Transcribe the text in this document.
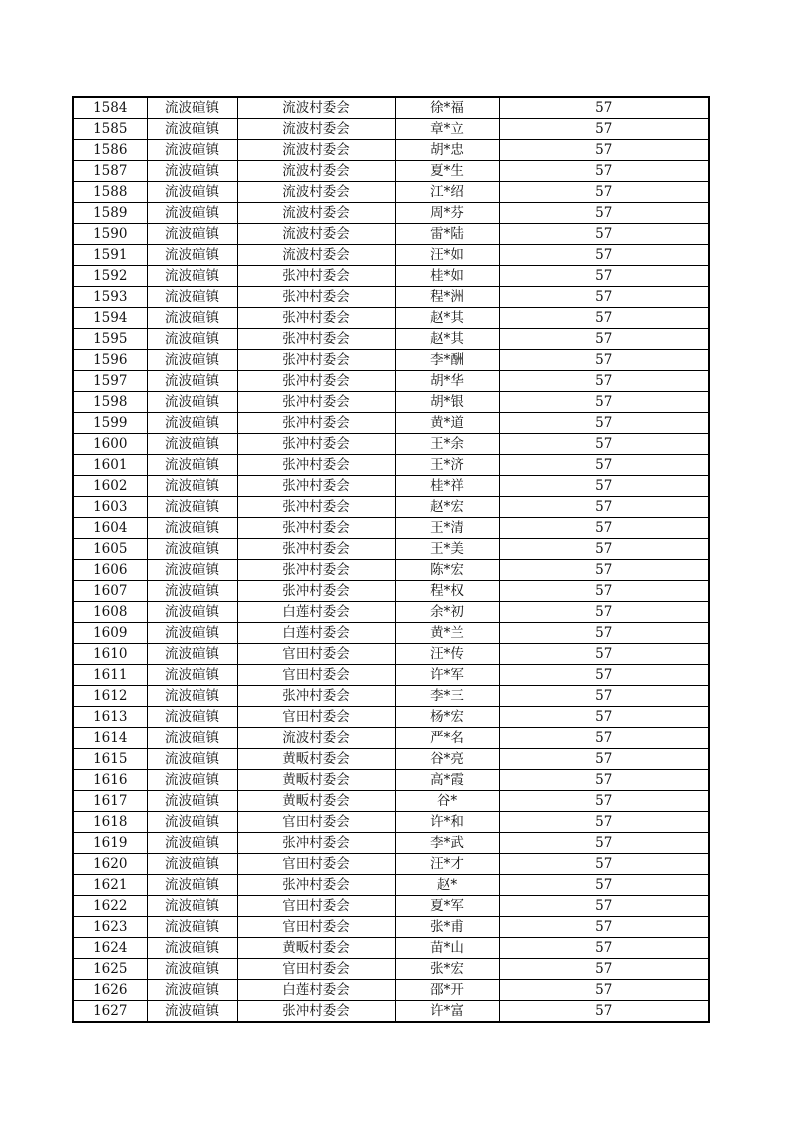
1584	流波碹镇	流波村委会	徐*福	57
1585	流波碹镇	流波村委会	章*立	57
1586	流波碹镇	流波村委会	胡*忠	57
1587	流波碹镇	流波村委会	夏*生	57
1588	流波碹镇	流波村委会	江*绍	57
1589	流波碹镇	流波村委会	周*芬	57
1590	流波碹镇	流波村委会	雷*陆	57
1591	流波碹镇	流波村委会	汪*如	57
1592	流波碹镇	张冲村委会	桂*如	57
1593	流波碹镇	张冲村委会	程*洲	57
1594	流波碹镇	张冲村委会	赵*其	57
1595	流波碹镇	张冲村委会	赵*其	57
1596	流波碹镇	张冲村委会	李*酬	57
1597	流波碹镇	张冲村委会	胡*华	57
1598	流波碹镇	张冲村委会	胡*银	57
1599	流波碹镇	张冲村委会	黄*道	57
1600	流波碹镇	张冲村委会	王*余	57
1601	流波碹镇	张冲村委会	王*济	57
1602	流波碹镇	张冲村委会	桂*祥	57
1603	流波碹镇	张冲村委会	赵*宏	57
1604	流波碹镇	张冲村委会	王*清	57
1605	流波碹镇	张冲村委会	王*美	57
1606	流波碹镇	张冲村委会	陈*宏	57
1607	流波碹镇	张冲村委会	程*权	57
1608	流波碹镇	白莲村委会	余*初	57
1609	流波碹镇	白莲村委会	黄*兰	57
1610	流波碹镇	官田村委会	汪*传	57
1611	流波碹镇	官田村委会	许*军	57
1612	流波碹镇	张冲村委会	李*三	57
1613	流波碹镇	官田村委会	杨*宏	57
1614	流波碹镇	流波村委会	严*名	57
1615	流波碹镇	黄畈村委会	谷*亮	57
1616	流波碹镇	黄畈村委会	高*霞	57
1617	流波碹镇	黄畈村委会	谷*	57
1618	流波碹镇	官田村委会	许*和	57
1619	流波碹镇	张冲村委会	李*武	57
1620	流波碹镇	官田村委会	汪*才	57
1621	流波碹镇	张冲村委会	赵*	57
1622	流波碹镇	官田村委会	夏*军	57
1623	流波碹镇	官田村委会	张*甫	57
1624	流波碹镇	黄畈村委会	苗*山	57
1625	流波碹镇	官田村委会	张*宏	57
1626	流波碹镇	白莲村委会	邵*开	57
1627	流波碹镇	张冲村委会	许*富	57
